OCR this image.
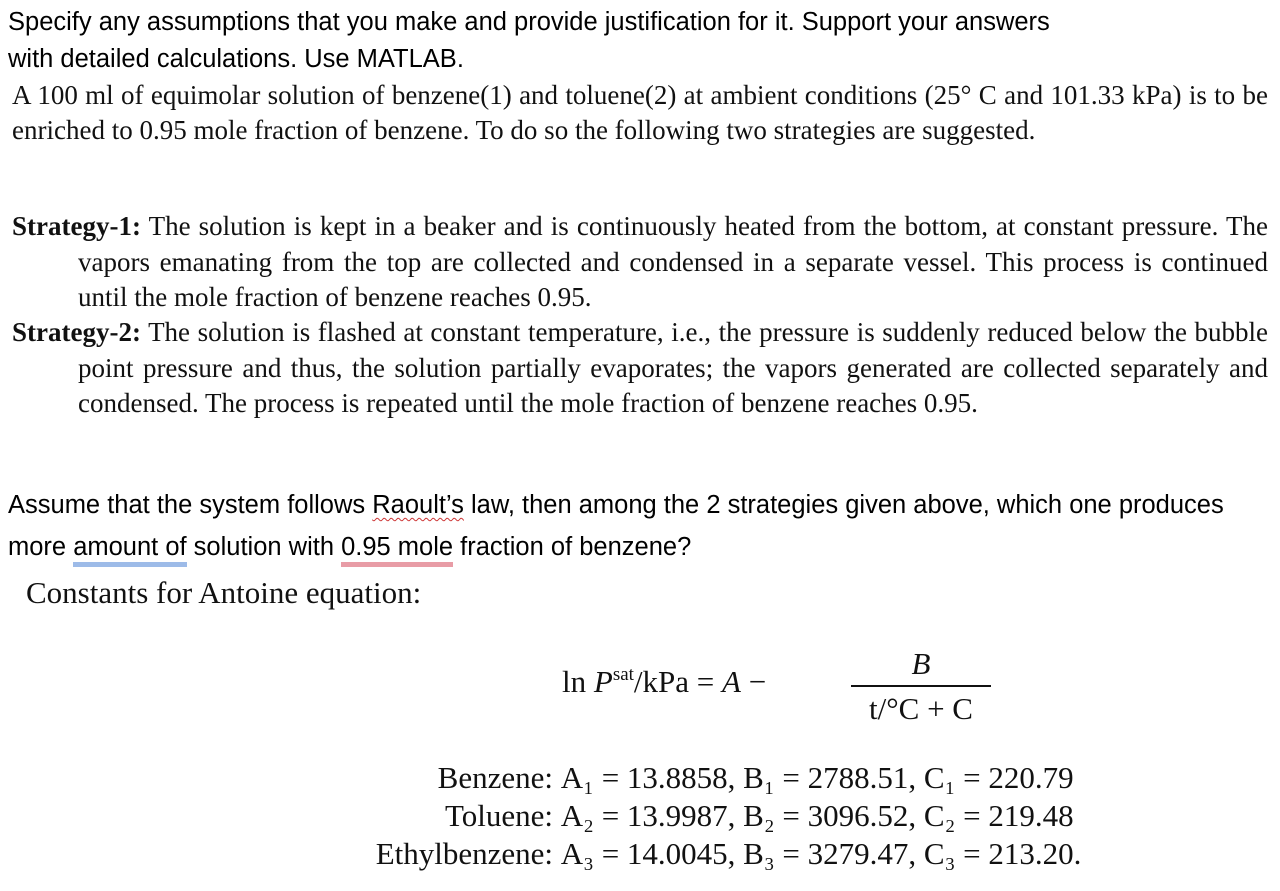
Specify any assumptions that you make and provide justification for it. Support your answers
with detailed calculations. Use MATLAB.
A 100 ml of equimolar solution of benzene(1) and toluene(2) at ambient conditions (25° C and 101.33 kPa) is to be enriched to 0.95 mole fraction of benzene. To do so the following two strategies are suggested.
Strategy-1: The solution is kept in a beaker and is continuously heated from the bottom, at constant pressure. The vapors emanating from the top are collected and condensed in a separate vessel. This process is continued until the mole fraction of benzene reaches 0.95.
Strategy-2: The solution is flashed at constant temperature, i.e., the pressure is suddenly reduced below the bubble point pressure and thus, the solution partially evaporates; the vapors generated are collected separately and condensed. The process is repeated until the mole fraction of benzene reaches 0.95.
Assume that the system follows Raoult’s law, then among the 2 strategies given above, which one produces more amount of solution with 0.95 mole fraction of benzene?
Constants for Antoine equation:
$\ln P^{sat}$/kPa = A −
B
t/°C + C
Benzene: A₁ = 13.8858, B₁ = 2788.51, C₁ = 220.79
Toluene: A₂ = 13.9987, B₂ = 3096.52, C₂ = 219.48
Ethylbenzene: A₃ = 14.0045, B₃ = 3279.47, C₃ = 213.20.
